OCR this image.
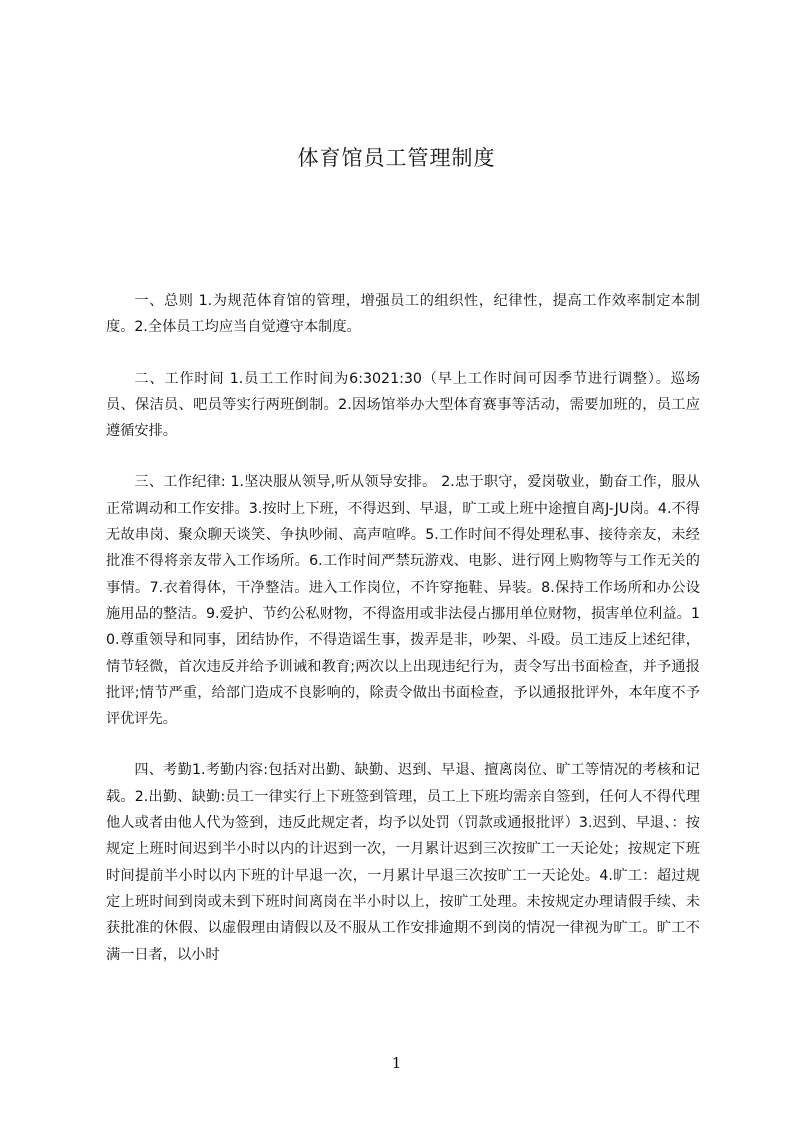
体育馆员工管理制度

一、总则 1.为规范体育馆的管理，增强员工的组织性，纪律性，提高工作效率制定本制度。2.全体员工均应当自觉遵守本制度。

二、工作时间 1.员工工作时间为6:3021:30（早上工作时间可因季节进行调整）。巡场员、保洁员、吧员等实行两班倒制。2.因场馆举办大型体育赛事等活动，需要加班的，员工应遵循安排。

三、工作纪律: 1.坚决服从领导,听从领导安排。 2.忠于职守，爱岗敬业，勤奋工作，服从正常调动和工作安排。3.按时上下班，不得迟到、早退，旷工或上班中途擅自离J-JU岗。4.不得无故串岗、聚众聊天谈笑、争执吵闹、高声喧哗。5.工作时间不得处理私事、接待亲友，未经批准不得将亲友带入工作场所。6.工作时间严禁玩游戏、电影、进行网上购物等与工作无关的事情。7.衣着得体，干净整洁。进入工作岗位，不许穿拖鞋、异装。8.保持工作场所和办公设施用品的整洁。9.爱护、节约公私财物，不得盗用或非法侵占挪用单位财物，损害单位利益。10.尊重领导和同事，团结协作，不得造谣生事，拨弄是非，吵架、斗殴。员工违反上述纪律，情节轻微，首次违反并给予训诫和教育;两次以上出现违纪行为，责令写出书面检查，并予通报批评;情节严重，给部门造成不良影响的，除责令做出书面检查，予以通报批评外，本年度不予评优评先。

四、考勤1.考勤内容:包括对出勤、缺勤、迟到、早退、擅离岗位、旷工等情况的考核和记载。2.出勤、缺勤:员工一律实行上下班签到管理，员工上下班均需亲自签到，任何人不得代理他人或者由他人代为签到，违反此规定者，均予以处罚（罚款或通报批评）3.迟到、早退、：按规定上班时间迟到半小时以内的计迟到一次，一月累计迟到三次按旷工一天论处；按规定下班时间提前半小时以内下班的计早退一次，一月累计早退三次按旷工一天论处。4.旷工：超过规定上班时间到岗或未到下班时间离岗在半小时以上，按旷工处理。未按规定办理请假手续、未获批准的休假、以虚假理由请假以及不服从工作安排逾期不到岗的情况一律视为旷工。旷工不满一日者，以小时

1
